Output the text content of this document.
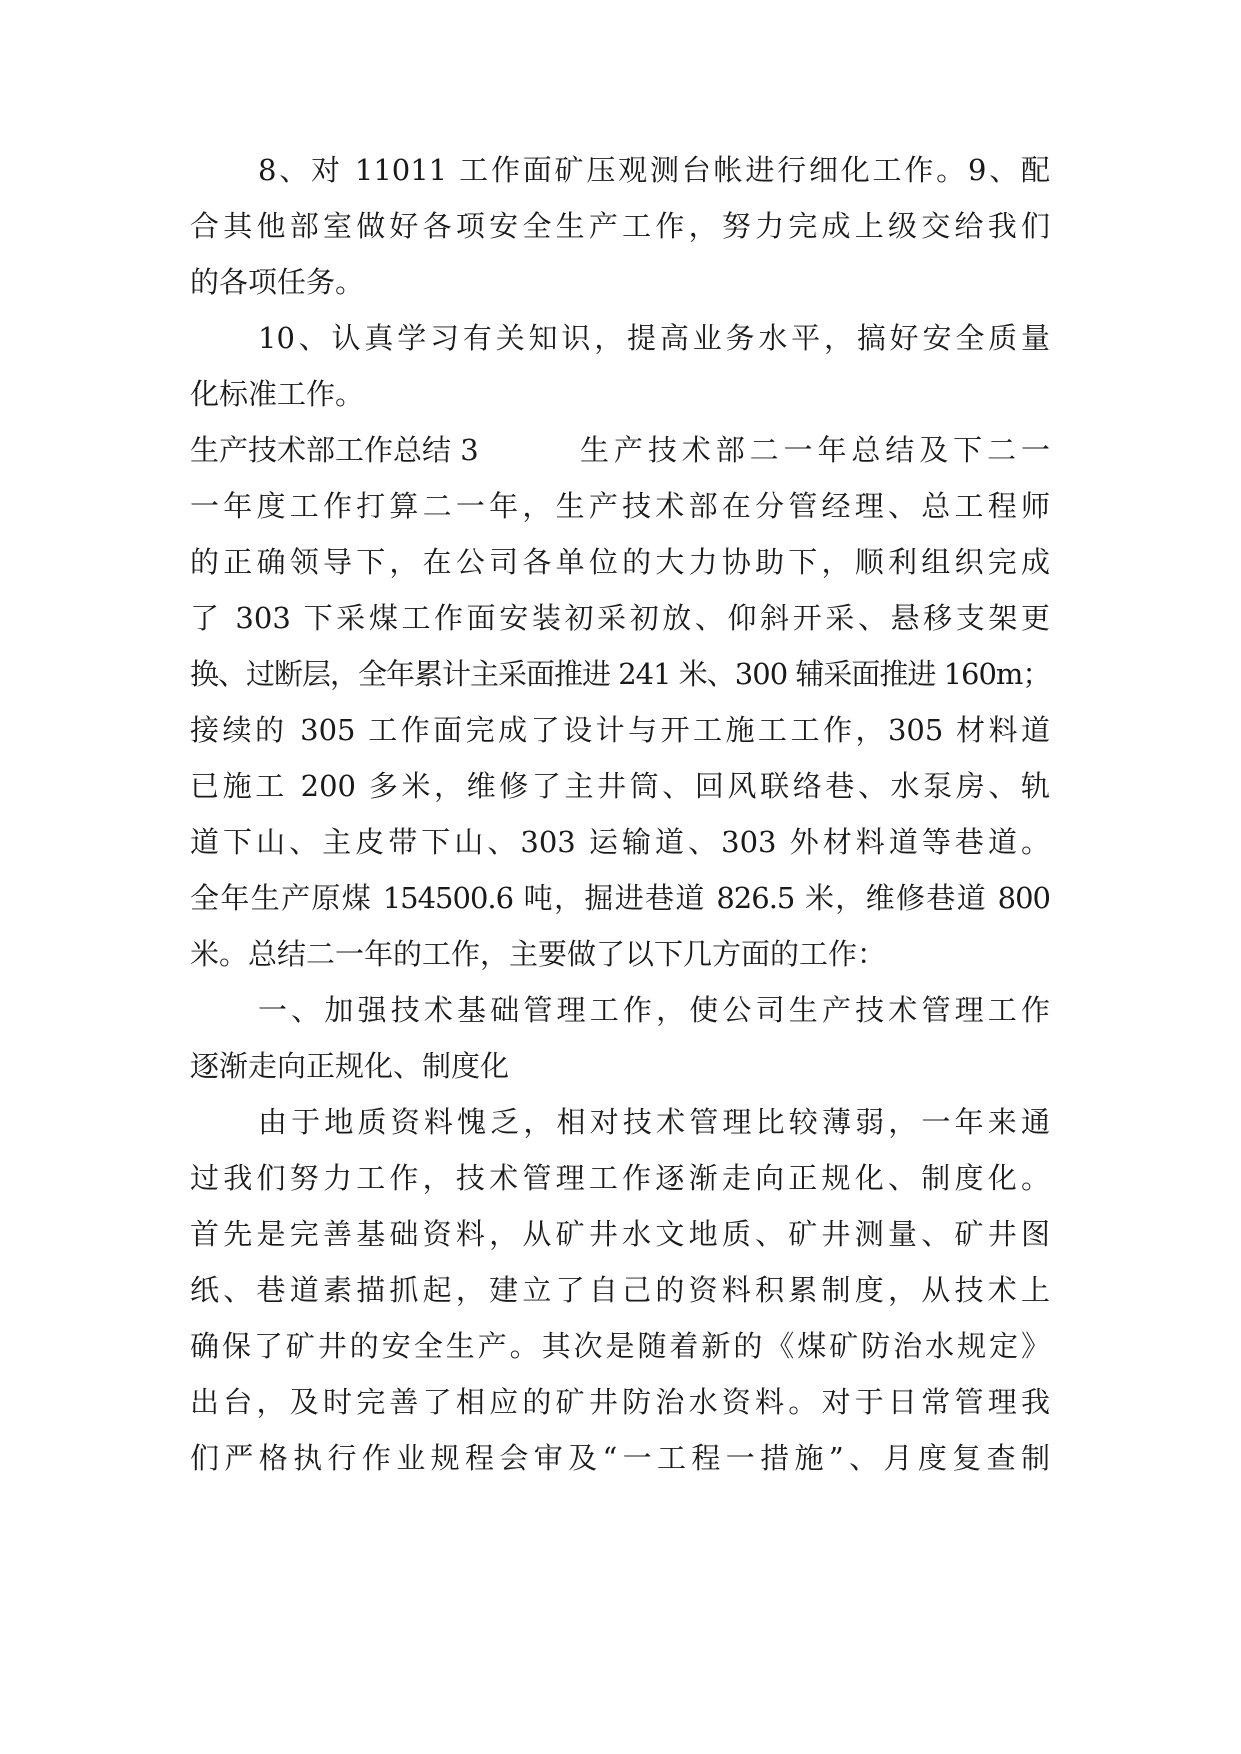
8、对 11011 工作面矿压观测台帐进行细化工作。9、配
合其他部室做好各项安全生产工作，努力完成上级交给我们
的各项任务。
10、认真学习有关知识，提高业务水平，搞好安全质量
化标准工作。
生产技术部工作总结 3	生产技术部二一年总结及下二一
一年度工作打算二一年，生产技术部在分管经理、总工程师
的正确领导下，在公司各单位的大力协助下，顺利组织完成
了 303 下采煤工作面安装初采初放、仰斜开采、悬移支架更
换、过断层，全年累计主采面推进 241 米、300 辅采面推进 160m；
接续的 305 工作面完成了设计与开工施工工作，305 材料道
已施工 200 多米，维修了主井筒、回风联络巷、水泵房、轨
道下山、主皮带下山、303 运输道、303 外材料道等巷道。
全年生产原煤 154500.6 吨，掘进巷道 826.5 米，维修巷道 800
米。总结二一年的工作，主要做了以下几方面的工作：
一、加强技术基础管理工作，使公司生产技术管理工作
逐渐走向正规化、制度化
由于地质资料愧乏，相对技术管理比较薄弱，一年来通
过我们努力工作，技术管理工作逐渐走向正规化、制度化。
首先是完善基础资料，从矿井水文地质、矿井测量、矿井图
纸、巷道素描抓起，建立了自己的资料积累制度，从技术上
确保了矿井的安全生产。其次是随着新的《煤矿防治水规定》
出台，及时完善了相应的矿井防治水资料。对于日常管理我
们严格执行作业规程会审及“一工程一措施”、月度复查制
